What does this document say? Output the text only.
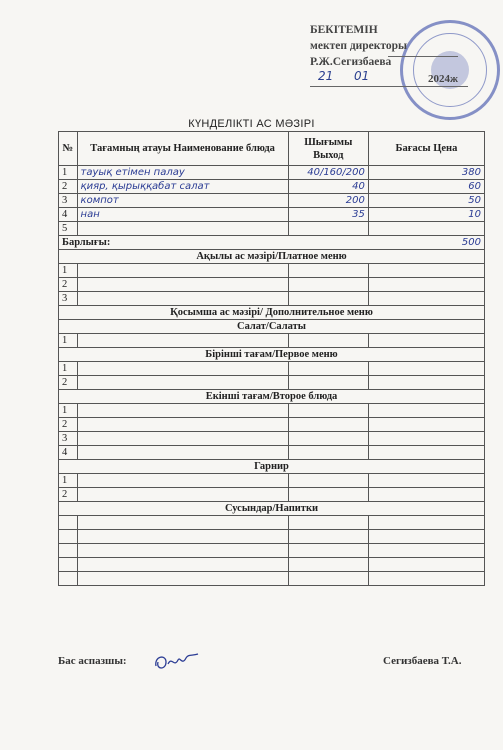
БЕКІТЕМІН
мектеп директоры
Р.Ж.Сегизбаева
21 01	2024ж
КҮНДЕЛІКТІ АС МӘЗІРІ
№	Тағамның атауы Наименование блюда	Шығымы Выход	Бағасы Цена
1	тауық етімен палау	40/160/200	380
2	қияр, қырыққабат салат	40	60
3	компот	200	50
4	нан	35	10
5			
Барлығы: 500			

Ақылы ас мәзірі/Платное меню			
1			
2			
3			
Қосымша ас мәзірі/ Дополнительное меню			
Салат/Салаты			
1			
Бірінші тағам/Первое меню			
1			
2			
Екінші тағам/Второе блюда			
1			
2			
3			
4			
Гарнир			
1			
2			
Сусындар/Напитки			

Бас аспазшы:	Сегизбаева Т.А.
